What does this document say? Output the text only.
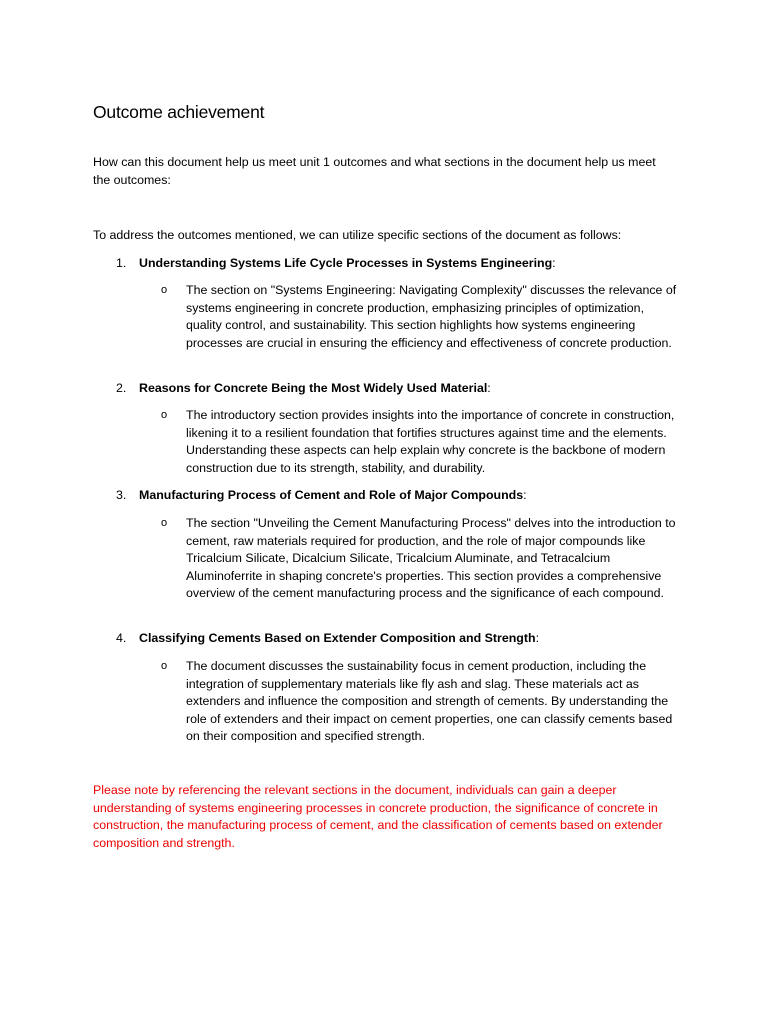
Outcome achievement

How can this document help us meet unit 1 outcomes and what sections in the document help us meet the outcomes:

To address the outcomes mentioned, we can utilize specific sections of the document as follows:

1.	Understanding Systems Life Cycle Processes in Systems Engineering:
o The section on "Systems Engineering: Navigating Complexity" discusses the relevance of systems engineering in concrete production, emphasizing principles of optimization, quality control, and sustainability. This section highlights how systems engineering processes are crucial in ensuring the efficiency and effectiveness of concrete production.
2.	Reasons for Concrete Being the Most Widely Used Material:
o The introductory section provides insights into the importance of concrete in construction, likening it to a resilient foundation that fortifies structures against time and the elements. Understanding these aspects can help explain why concrete is the backbone of modern construction due to its strength, stability, and durability.
3.	Manufacturing Process of Cement and Role of Major Compounds:
o The section "Unveiling the Cement Manufacturing Process" delves into the introduction to cement, raw materials required for production, and the role of major compounds like Tricalcium Silicate, Dicalcium Silicate, Tricalcium Aluminate, and Tetracalcium Aluminoferrite in shaping concrete's properties. This section provides a comprehensive overview of the cement manufacturing process and the significance of each compound.
4.	Classifying Cements Based on Extender Composition and Strength:
o The document discusses the sustainability focus in cement production, including the integration of supplementary materials like fly ash and slag. These materials act as extenders and influence the composition and strength of cements. By understanding the role of extenders and their impact on cement properties, one can classify cements based on their composition and specified strength.

Please note by referencing the relevant sections in the document, individuals can gain a deeper understanding of systems engineering processes in concrete production, the significance of concrete in construction, the manufacturing process of cement, and the classification of cements based on extender composition and strength.
